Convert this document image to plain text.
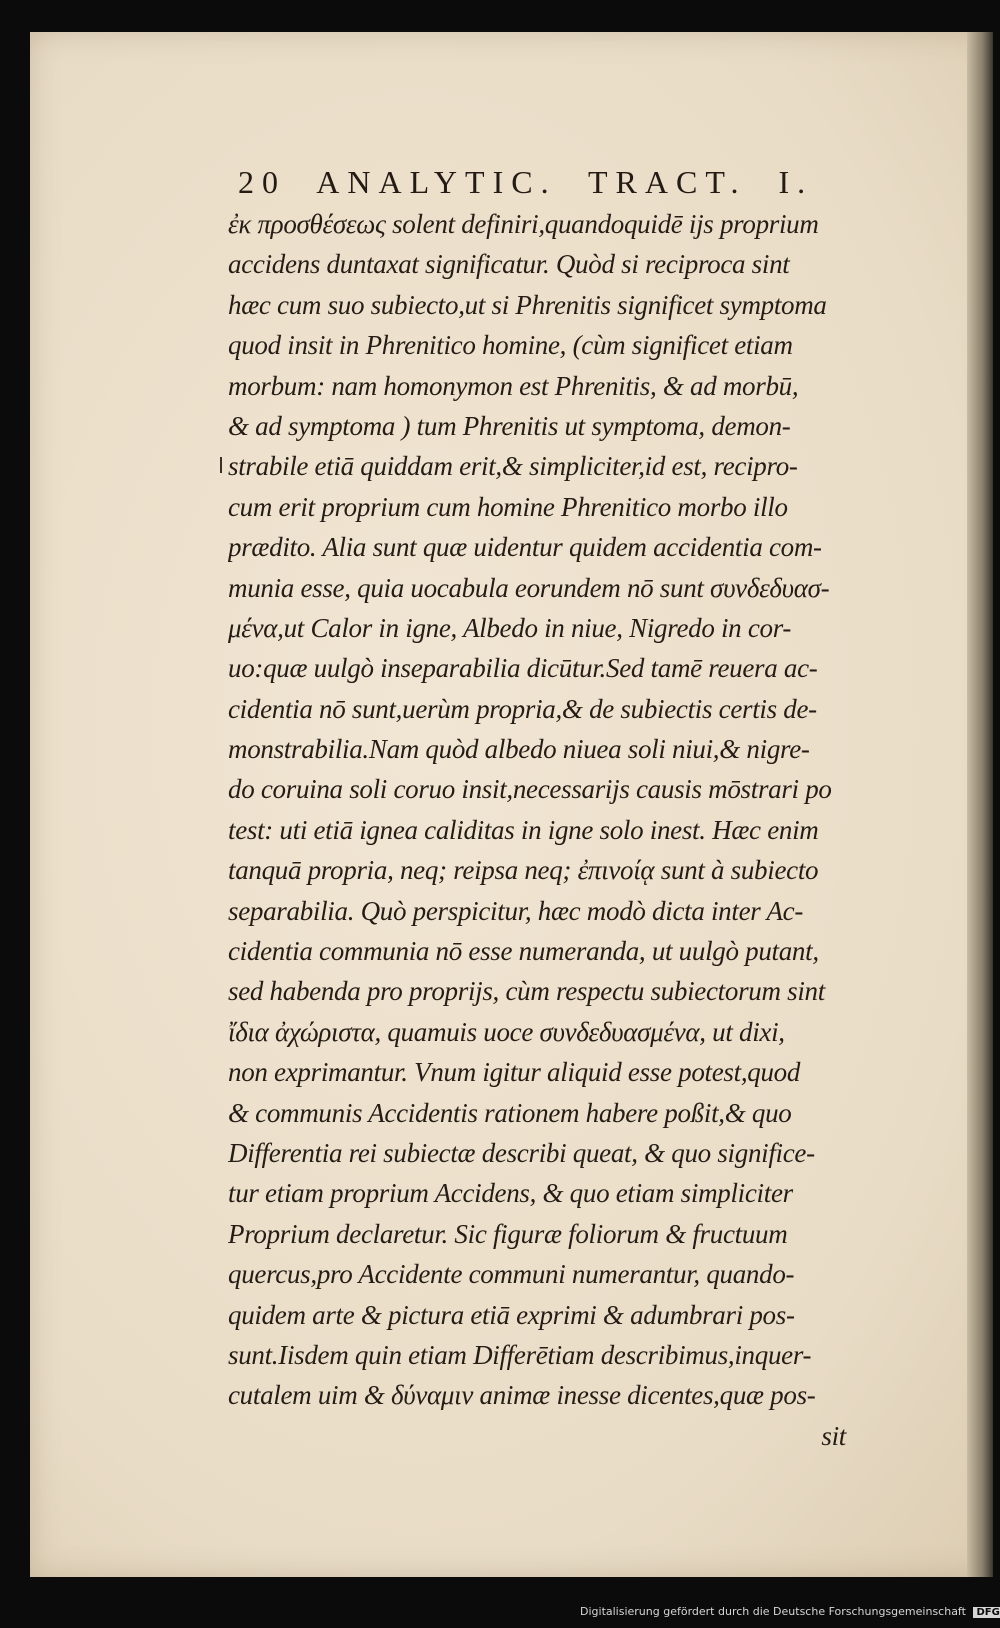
20  ANALYTIC.  TRACT.  I.
ἐκ προσθέσεως solent definiri,quandoquidē ijs proprium
accidens duntaxat significatur. Quòd si reciproca sint
hæc cum suo subiecto,ut si Phrenitis significet symptoma
quod insit in Phrenitico homine, (cùm significet etiam
morbum: nam homonymon est Phrenitis, & ad morbū,
& ad symptoma ) tum Phrenitis ut symptoma, demon-
strabile etiā quiddam erit,& simpliciter,id est, recipro-
cum erit proprium cum homine Phrenitico morbo illo
prædito. Alia sunt quæ uidentur quidem accidentia com-
munia esse, quia uocabula eorundem nō sunt συνδεδυασ-
μένα,ut Calor in igne, Albedo in niue, Nigredo in cor-
uo:quæ uulgò inseparabilia dicūtur.Sed tamē reuera ac-
cidentia nō sunt,uerùm propria,& de subiectis certis de-
monstrabilia.Nam quòd albedo niuea soli niui,& nigre-
do coruina soli coruo insit,necessarijs causis mōstrari po
test: uti etiā ignea caliditas in igne solo inest. Hæc enim
tanquā propria, neq; reipsa neq; ἐπινοίᾳ sunt à subiecto
separabilia. Quò perspicitur, hæc modò dicta inter Ac-
cidentia communia nō esse numeranda, ut uulgò putant,
sed habenda pro proprijs, cùm respectu subiectorum sint
ἴδια ἀχώριστα, quamuis uoce συνδεδυασμένα, ut dixi,
non exprimantur. Vnum igitur aliquid esse potest,quod
& communis Accidentis rationem habere poßit,& quo
Differentia rei subiectæ describi queat, & quo significe-
tur etiam proprium Accidens, & quo etiam simpliciter
Proprium declaretur. Sic figuræ foliorum & fructuum
quercus,pro Accidente communi numerantur, quando-
quidem arte & pictura etiā exprimi & adumbrari pos-
sunt.Iisdem quin etiam Differētiam describimus,inquer-
cutalem uim & δύναμιν animæ inesse dicentes,quæ pos-
sit
Digitalisierung gefördert durch die Deutsche Forschungsgemeinschaft DFG
